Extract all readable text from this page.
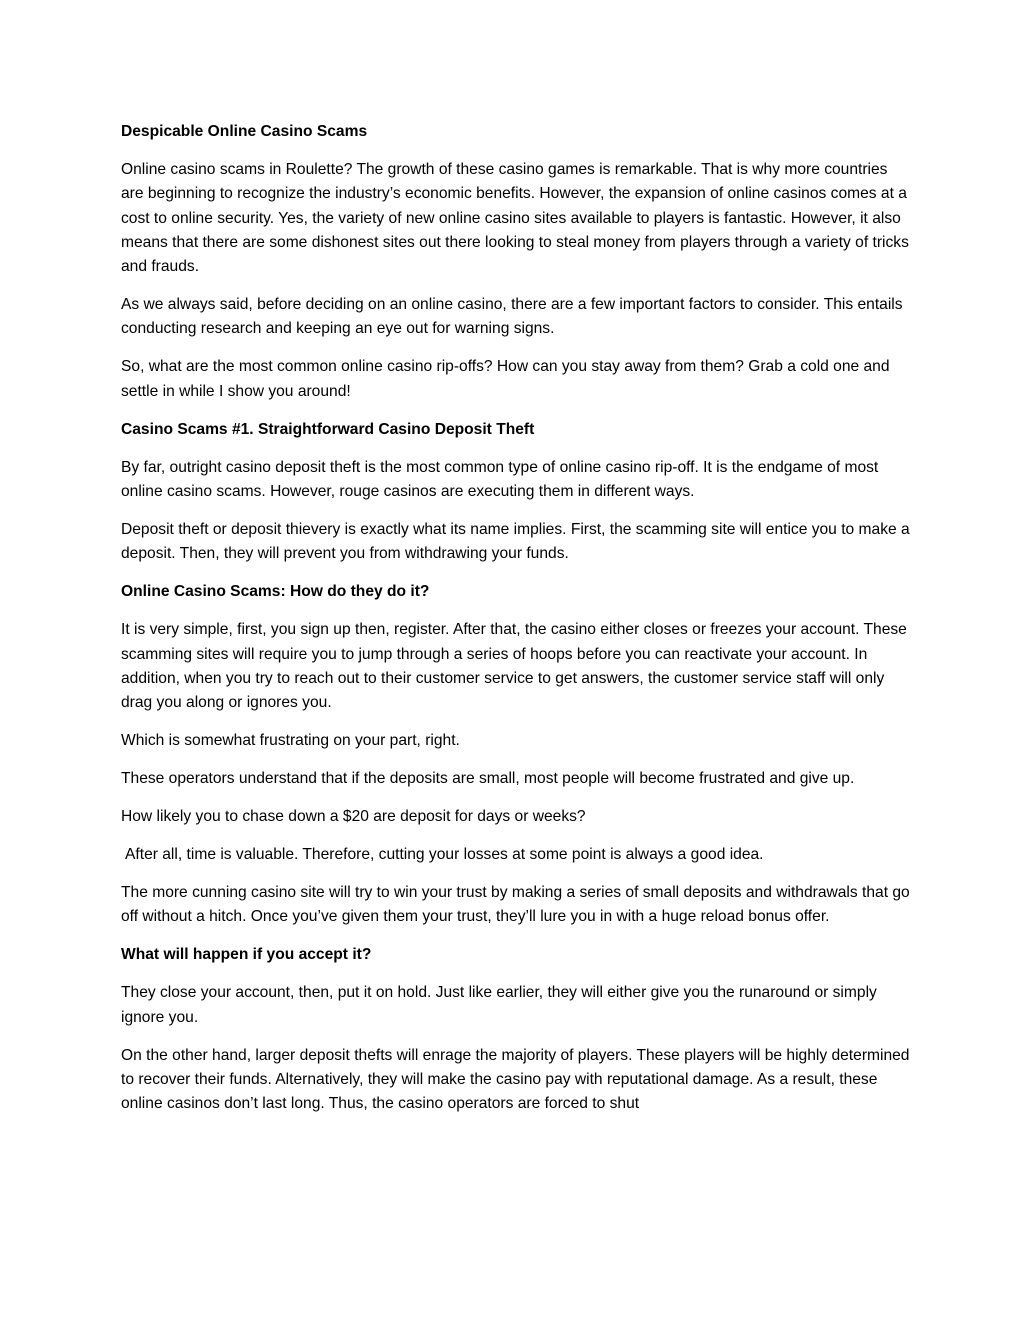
Despicable Online Casino Scams

Online casino scams in Roulette? The growth of these casino games is remarkable. That is why more countries are beginning to recognize the industry’s economic benefits. However, the expansion of online casinos comes at a cost to online security. Yes, the variety of new online casino sites available to players is fantastic. However, it also means that there are some dishonest sites out there looking to steal money from players through a variety of tricks and frauds.

As we always said, before deciding on an online casino, there are a few important factors to consider. This entails conducting research and keeping an eye out for warning signs.

So, what are the most common online casino rip-offs? How can you stay away from them? Grab a cold one and settle in while I show you around!

Casino Scams #1. Straightforward Casino Deposit Theft

By far, outright casino deposit theft is the most common type of online casino rip-off. It is the endgame of most online casino scams. However, rouge casinos are executing them in different ways.

Deposit theft or deposit thievery is exactly what its name implies. First, the scamming site will entice you to make a deposit. Then, they will prevent you from withdrawing your funds.

Online Casino Scams: How do they do it?

It is very simple, first, you sign up then, register. After that, the casino either closes or freezes your account. These scamming sites will require you to jump through a series of hoops before you can reactivate your account. In addition, when you try to reach out to their customer service to get answers, the customer service staff will only drag you along or ignores you.

Which is somewhat frustrating on your part, right.

These operators understand that if the deposits are small, most people will become frustrated and give up.

How likely you to chase down a $20 are deposit for days or weeks?

After all, time is valuable. Therefore, cutting your losses at some point is always a good idea.

The more cunning casino site will try to win your trust by making a series of small deposits and withdrawals that go off without a hitch. Once you’ve given them your trust, they’ll lure you in with a huge reload bonus offer.

What will happen if you accept it?

They close your account, then, put it on hold. Just like earlier, they will either give you the runaround or simply ignore you.

On the other hand, larger deposit thefts will enrage the majority of players. These players will be highly determined to recover their funds. Alternatively, they will make the casino pay with reputational damage. As a result, these online casinos don’t last long. Thus, the casino operators are forced to shut
